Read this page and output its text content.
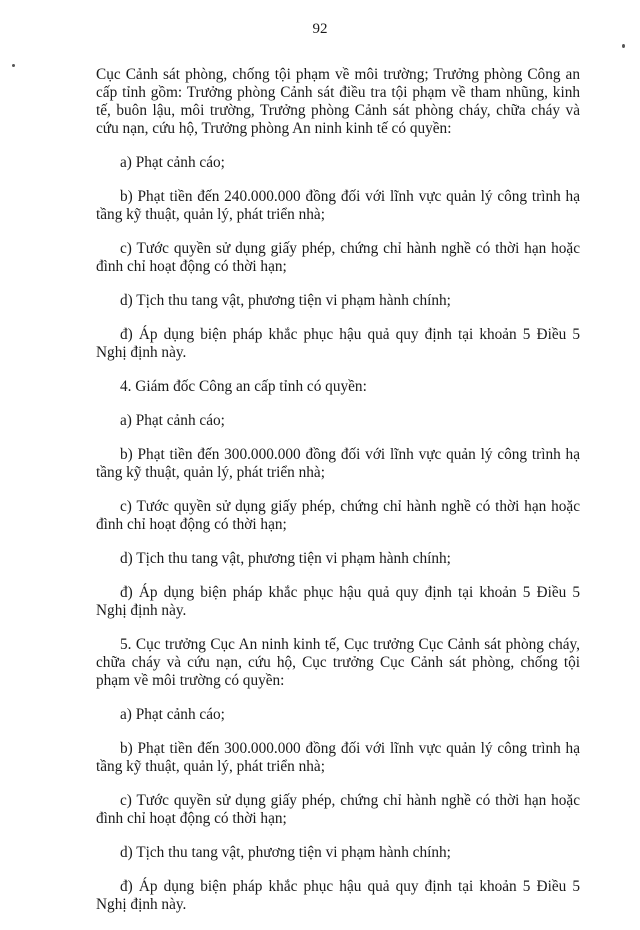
92

Cục Cảnh sát phòng, chống tội phạm về môi trường; Trưởng phòng Công an cấp tỉnh gồm: Trưởng phòng Cảnh sát điều tra tội phạm về tham nhũng, kinh tế, buôn lậu, môi trường, Trưởng phòng Cảnh sát phòng cháy, chữa cháy và cứu nạn, cứu hộ, Trưởng phòng An ninh kinh tế có quyền:

a) Phạt cảnh cáo;

b) Phạt tiền đến 240.000.000 đồng đối với lĩnh vực quản lý công trình hạ tầng kỹ thuật, quản lý, phát triển nhà;

c) Tước quyền sử dụng giấy phép, chứng chỉ hành nghề có thời hạn hoặc đình chỉ hoạt động có thời hạn;

d) Tịch thu tang vật, phương tiện vi phạm hành chính;

đ) Áp dụng biện pháp khắc phục hậu quả quy định tại khoản 5 Điều 5 Nghị định này.

4. Giám đốc Công an cấp tỉnh có quyền:

a) Phạt cảnh cáo;

b) Phạt tiền đến 300.000.000 đồng đối với lĩnh vực quản lý công trình hạ tầng kỹ thuật, quản lý, phát triển nhà;

c) Tước quyền sử dụng giấy phép, chứng chỉ hành nghề có thời hạn hoặc đình chỉ hoạt động có thời hạn;

d) Tịch thu tang vật, phương tiện vi phạm hành chính;

đ) Áp dụng biện pháp khắc phục hậu quả quy định tại khoản 5 Điều 5 Nghị định này.

5. Cục trưởng Cục An ninh kinh tế, Cục trưởng Cục Cảnh sát phòng cháy, chữa cháy và cứu nạn, cứu hộ, Cục trưởng Cục Cảnh sát phòng, chống tội phạm về môi trường có quyền:

a) Phạt cảnh cáo;

b) Phạt tiền đến 300.000.000 đồng đối với lĩnh vực quản lý công trình hạ tầng kỹ thuật, quản lý, phát triển nhà;

c) Tước quyền sử dụng giấy phép, chứng chỉ hành nghề có thời hạn hoặc đình chỉ hoạt động có thời hạn;

d) Tịch thu tang vật, phương tiện vi phạm hành chính;

đ) Áp dụng biện pháp khắc phục hậu quả quy định tại khoản 5 Điều 5 Nghị định này.
